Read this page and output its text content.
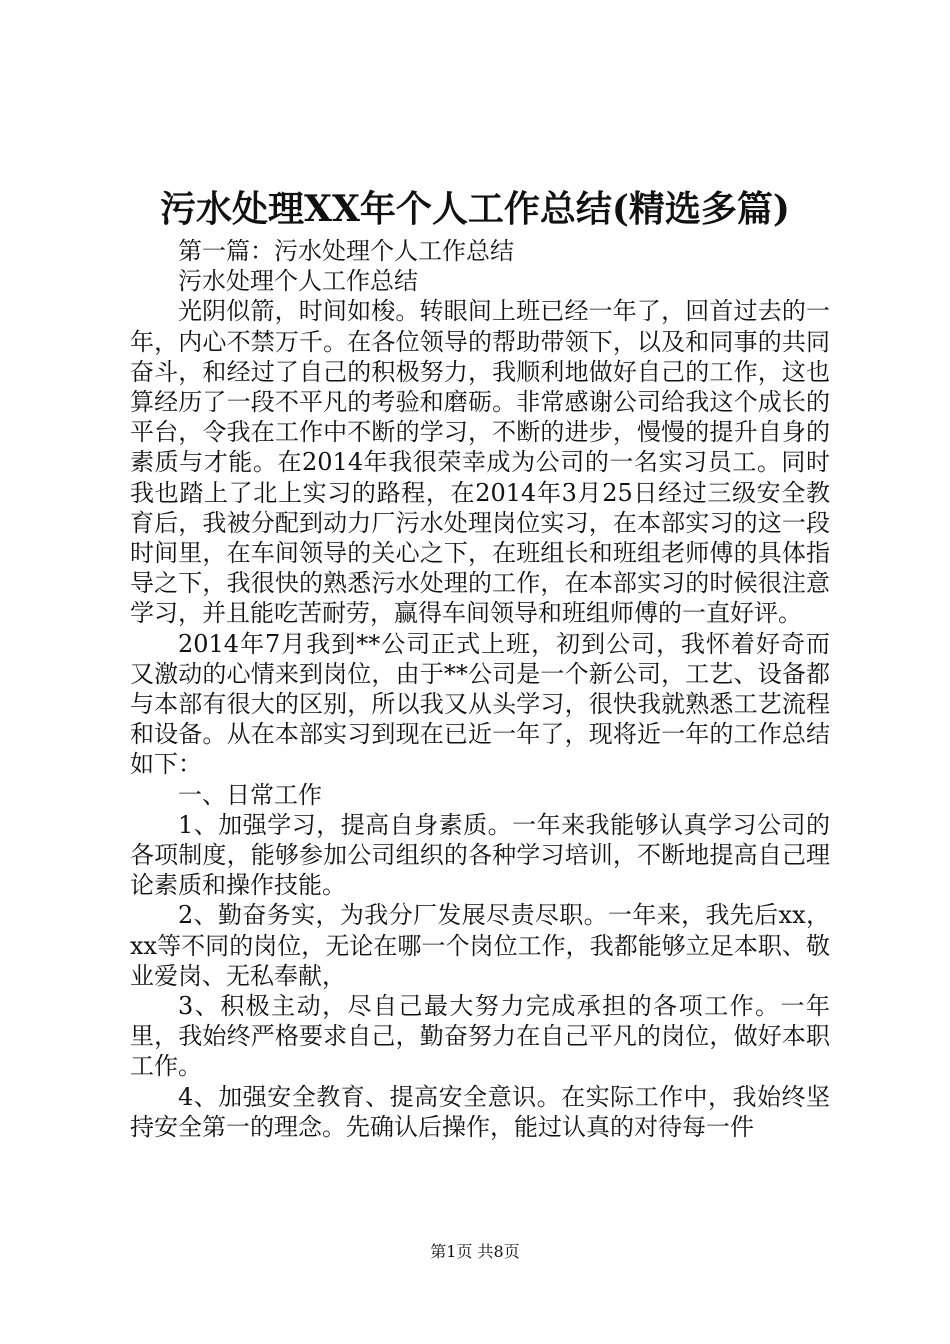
污水处理XX年个人工作总结(精选多篇)

第一篇：污水处理个人工作总结

污水处理个人工作总结

光阴似箭，时间如梭。转眼间上班已经一年了，回首过去的一年，内心不禁万千。在各位领导的帮助带领下，以及和同事的共同奋斗，和经过了自己的积极努力，我顺利地做好自己的工作，这也算经历了一段不平凡的考验和磨砺。非常感谢公司给我这个成长的平台，令我在工作中不断的学习，不断的进步，慢慢的提升自身的素质与才能。在2014年我很荣幸成为公司的一名实习员工。同时我也踏上了北上实习的路程，在2014年3月25日经过三级安全教育后，我被分配到动力厂污水处理岗位实习，在本部实习的这一段时间里，在车间领导的关心之下，在班组长和班组老师傅的具体指导之下，我很快的熟悉污水处理的工作，在本部实习的时候很注意学习，并且能吃苦耐劳，赢得车间领导和班组师傅的一直好评。

2014年7月我到**公司正式上班，初到公司，我怀着好奇而又激动的心情来到岗位，由于**公司是一个新公司，工艺、设备都与本部有很大的区别，所以我又从头学习，很快我就熟悉工艺流程和设备。从在本部实习到现在已近一年了，现将近一年的工作总结如下：

一、日常工作

1、加强学习，提高自身素质。一年来我能够认真学习公司的各项制度，能够参加公司组织的各种学习培训，不断地提高自己理论素质和操作技能。

2、勤奋务实，为我分厂发展尽责尽职。一年来，我先后xx，xx等不同的岗位，无论在哪一个岗位工作，我都能够立足本职、敬业爱岗、无私奉献，

3、积极主动，尽自己最大努力完成承担的各项工作。一年里，我始终严格要求自己，勤奋努力在自己平凡的岗位，做好本职工作。

4、加强安全教育、提高安全意识。在实际工作中，我始终坚持安全第一的理念。先确认后操作，能过认真的对待每一件

第1页 共8页
